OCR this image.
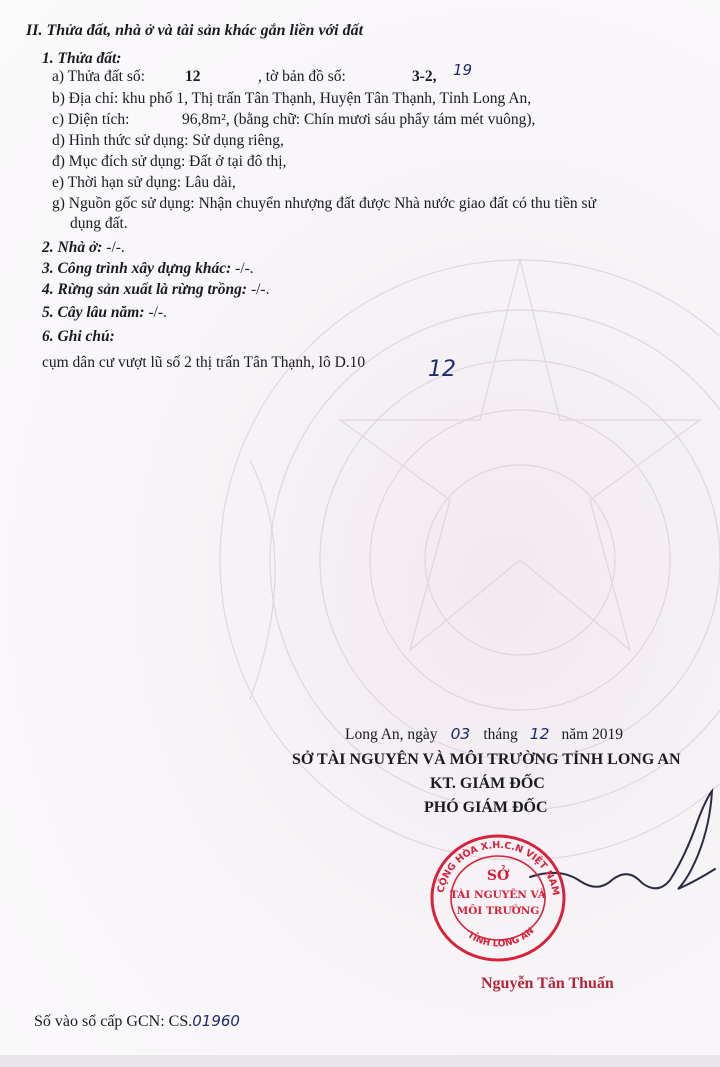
II. Thửa đất, nhà ở và tài sản khác gắn liền với đất
1. Thửa đất:
a) Thửa đất số:	12	, tờ bản đồ số:	3-2, 19
b) Địa chỉ: khu phố 1, Thị trấn Tân Thạnh, Huyện Tân Thạnh, Tỉnh Long An,
c) Diện tích:	96,8m², (bằng chữ: Chín mươi sáu phẩy tám mét vuông),
d) Hình thức sử dụng: Sử dụng riêng,
đ) Mục đích sử dụng: Đất ở tại đô thị,
e) Thời hạn sử dụng: Lâu dài,
g) Nguồn gốc sử dụng: Nhận chuyển nhượng đất được Nhà nước giao đất có thu tiền sử
dụng đất.
2. Nhà ở: -/-.
3. Công trình xây dựng khác: -/-.
4. Rừng sản xuất là rừng trồng: -/-.
5. Cây lâu năm: -/-.
6. Ghi chú:
cụm dân cư vượt lũ số 2 thị trấn Tân Thạnh, lô D.10	12
Long An, ngày 03 tháng 12 năm 2019
SỞ TÀI NGUYÊN VÀ MÔI TRƯỜNG TỈNH LONG AN
KT. GIÁM ĐỐC
PHÓ GIÁM ĐỐC
CỘNG HÒA X.H.C.N VIỆT NAM
TỈNH LONG AN
SỞ
TÀI NGUYÊN VÀ
MÔI TRƯỜNG
Nguyễn Tân Thuấn
Số vào sổ cấp GCN: CS.01960
